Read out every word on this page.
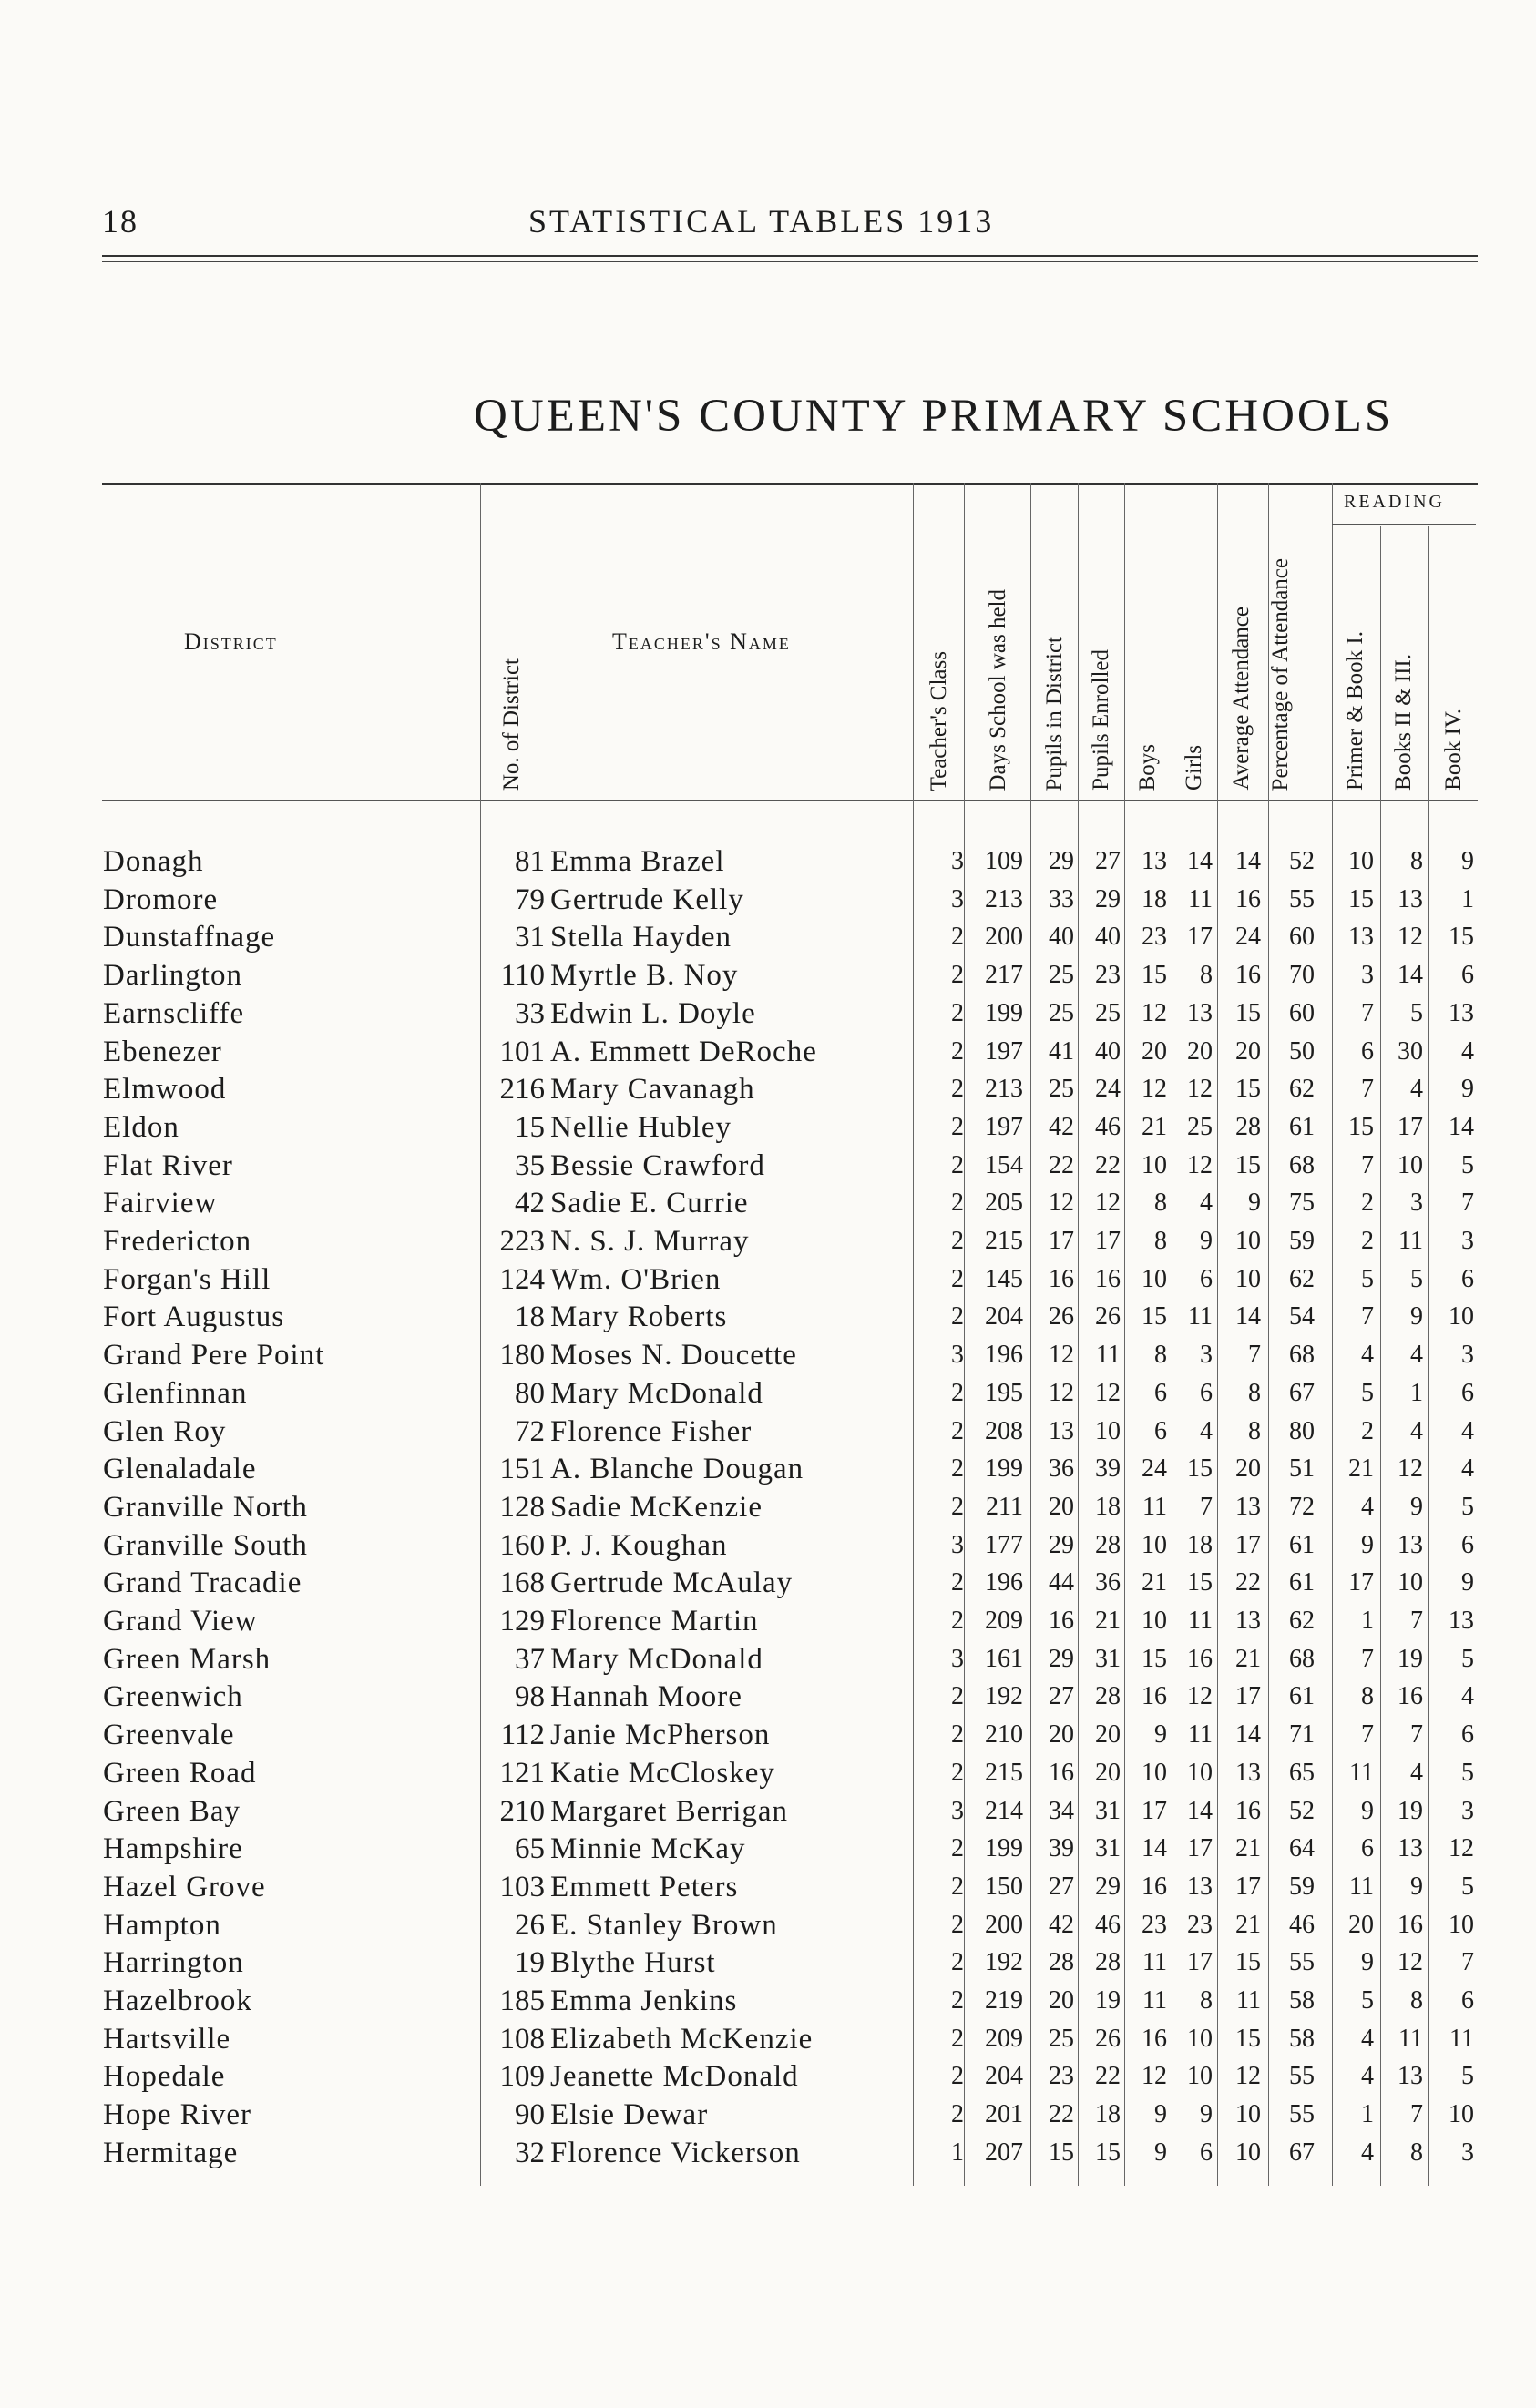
18	STATISTICAL TABLES 1913
QUEEN'S COUNTY PRIMARY SCHOOLS
District	Teacher's Name
READING
No. of District	Teacher's Class Days School was held Pupils in District Pupils Enrolled Boys Girls Average Attendance Percentage of Attendance	Primer & Book I. Books II & III. Book IV.
Donagh	81 Emma Brazel	3 109 29 27 13 14 14 52 10 8 9
Dromore	79 Gertrude Kelly	3 213 33 29 18 11 16 55 15 13 1
Dunstaffnage	31 Stella Hayden	2 200 40 40 23 17 24 60 13 12 15
Darlington	110 Myrtle B. Noy	2 217 25 23 15 8 16 70 3 14 6
Earnscliffe	33 Edwin L. Doyle	2 199 25 25 12 13 15 60 7 5 13
Ebenezer	101 A. Emmett DeRoche	2 197 41 40 20 20 20 50 6 30 4
Elmwood	216 Mary Cavanagh	2 213 25 24 12 12 15 62 7 4 9
Eldon	15 Nellie Hubley	2 197 42 46 21 25 28 61 15 17 14
Flat River	35 Bessie Crawford	2 154 22 22 10 12 15 68 7 10 5
Fairview	42 Sadie E. Currie	2 205 12 12 8 4 9 75 2 3 7
Fredericton	223 N. S. J. Murray	2 215 17 17 8 9 10 59 2 11 3
Forgan's Hill	124 Wm. O'Brien	2 145 16 16 10 6 10 62 5 5 6
Fort Augustus	18 Mary Roberts	2 204 26 26 15 11 14 54 7 9 10
Grand Pere Point	180 Moses N. Doucette	3 196 12 11 8 3 7 68 4 4 3
Glenfinnan	80 Mary McDonald	2 195 12 12 6 6 8 67 5 1 6
Glen Roy	72 Florence Fisher	2 208 13 10 6 4 8 80 2 4 4
Glenaladale	151 A. Blanche Dougan	2 199 36 39 24 15 20 51 21 12 4
Granville North	128 Sadie McKenzie	2 211 20 18 11 7 13 72 4 9 5
Granville South	160 P. J. Koughan	3 177 29 28 10 18 17 61 9 13 6
Grand Tracadie	168 Gertrude McAulay	2 196 44 36 21 15 22 61 17 10 9
Grand View	129 Florence Martin	2 209 16 21 10 11 13 62 1 7 13
Green Marsh	37 Mary McDonald	3 161 29 31 15 16 21 68 7 19 5
Greenwich	98 Hannah Moore	2 192 27 28 16 12 17 61 8 16 4
Greenvale	112 Janie McPherson	2 210 20 20 9 11 14 71 7 7 6
Green Road	121 Katie McCloskey	2 215 16 20 10 10 13 65 11 4 5
Green Bay	210 Margaret Berrigan	3 214 34 31 17 14 16 52 9 19 3
Hampshire	65 Minnie McKay	2 199 39 31 14 17 21 64 6 13 12
Hazel Grove	103 Emmett Peters	2 150 27 29 16 13 17 59 11 9 5
Hampton	26 E. Stanley Brown	2 200 42 46 23 23 21 46 20 16 10
Harrington	19 Blythe Hurst	2 192 28 28 11 17 15 55 9 12 7
Hazelbrook	185 Emma Jenkins	2 219 20 19 11 8 11 58 5 8 6
Hartsville	108 Elizabeth McKenzie	2 209 25 26 16 10 15 58 4 11 11
Hopedale	109 Jeanette McDonald	2 204 23 22 12 10 12 55 4 13 5
Hope River	90 Elsie Dewar	2 201 22 18 9 9 10 55 1 7 10
Hermitage	32 Florence Vickerson	1 207 15 15 9 6 10 67 4 8 3
